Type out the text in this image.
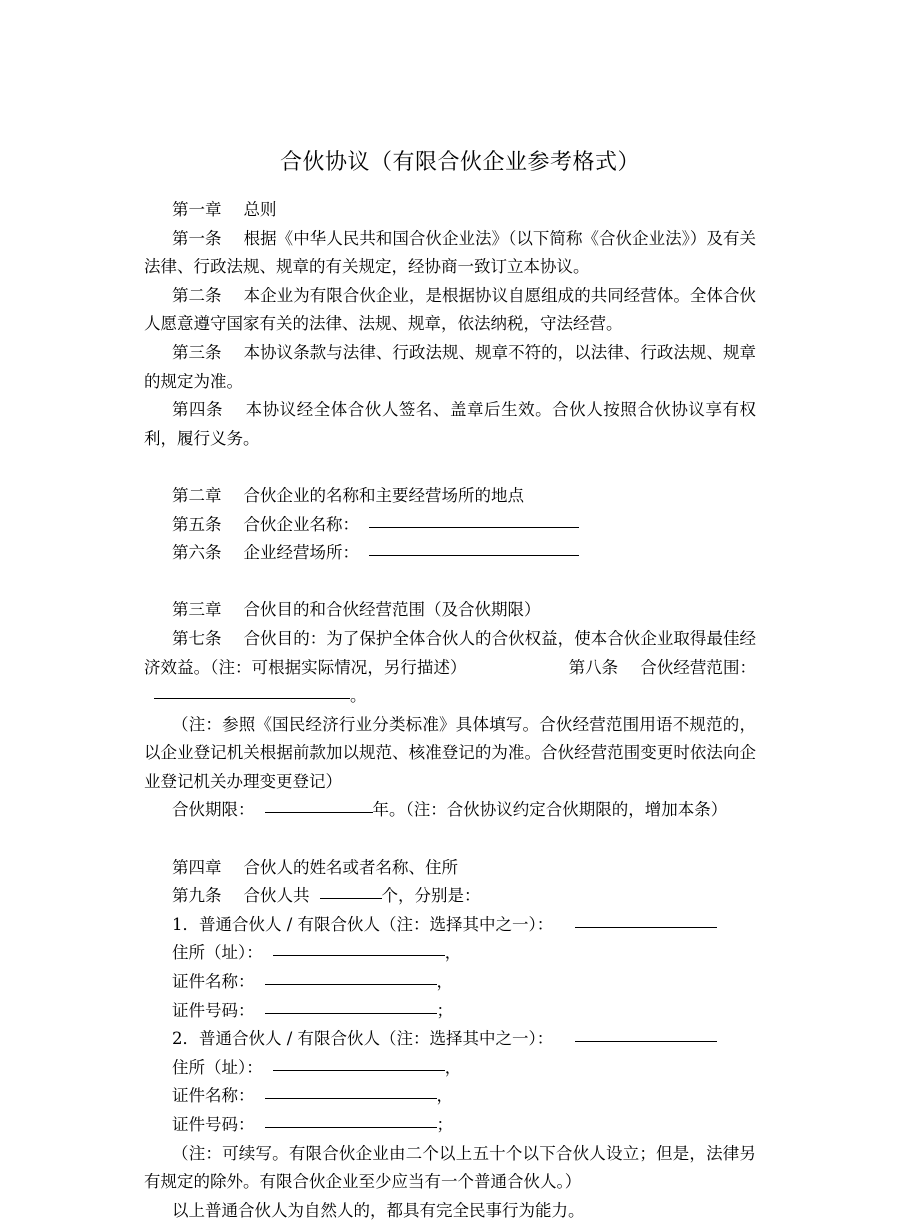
合伙协议（有限合伙企业参考格式）

第一章 总则

第一条 根据《中华人民共和国合伙企业法》（以下简称《合伙企业法》）及有关法律、行政法规、规章的有关规定，经协商一致订立本协议。

第二条 本企业为有限合伙企业，是根据协议自愿组成的共同经营体。全体合伙人愿意遵守国家有关的法律、法规、规章，依法纳税，守法经营。

第三条 本协议条款与法律、行政法规、规章不符的，以法律、行政法规、规章的规定为准。

第四条 本协议经全体合伙人签名、盖章后生效。合伙人按照合伙协议享有权利，履行义务。

第二章 合伙企业的名称和主要经营场所的地点

第五条 合伙企业名称：

第六条 企业经营场所：

第三章 合伙目的和合伙经营范围（及合伙期限）

第七条 合伙目的：为了保护全体合伙人的合伙权益，使本合伙企业取得最佳经济效益。（注：可根据实际情况，另行描述）	第八条 合伙经营范围：。

（注：参照《国民经济行业分类标准》具体填写。合伙经营范围用语不规范的，以企业登记机关根据前款加以规范、核准登记的为准。合伙经营范围变更时依法向企业登记机关办理变更登记）

合伙期限：	年。（注：合伙协议约定合伙期限的，增加本条）

第四章 合伙人的姓名或者名称、住所

第九条 合伙人共	个，分别是：

1．普通合伙人 / 有限合伙人（注：选择其中之一）：

住所（址）：	，

证件名称：	，

证件号码：	；

2．普通合伙人 / 有限合伙人（注：选择其中之一）：

住所（址）：	，

证件名称：	，

证件号码：	；

（注：可续写。有限合伙企业由二个以上五十个以下合伙人设立；但是，法律另有规定的除外。有限合伙企业至少应当有一个普通合伙人。）

以上普通合伙人为自然人的，都具有完全民事行为能力。
